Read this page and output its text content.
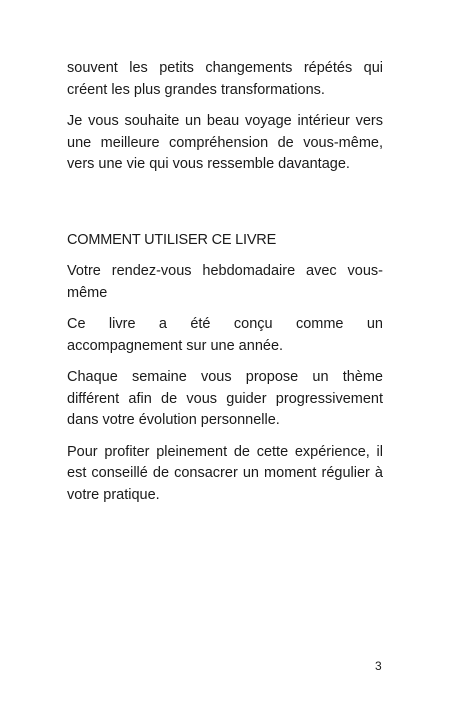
souvent les petits changements répétés qui créent les plus grandes transformations.

Je vous souhaite un beau voyage intérieur vers une meilleure compréhension de vous-même, vers une vie qui vous ressemble davantage.

COMMENT UTILISER CE LIVRE

Votre rendez-vous hebdomadaire avec vous-même

Ce livre a été conçu comme un accompagnement sur une année.

Chaque semaine vous propose un thème différent afin de vous guider progressivement dans votre évolution personnelle.

Pour profiter pleinement de cette expérience, il est conseillé de consacrer un moment régulier à votre pratique.

3
